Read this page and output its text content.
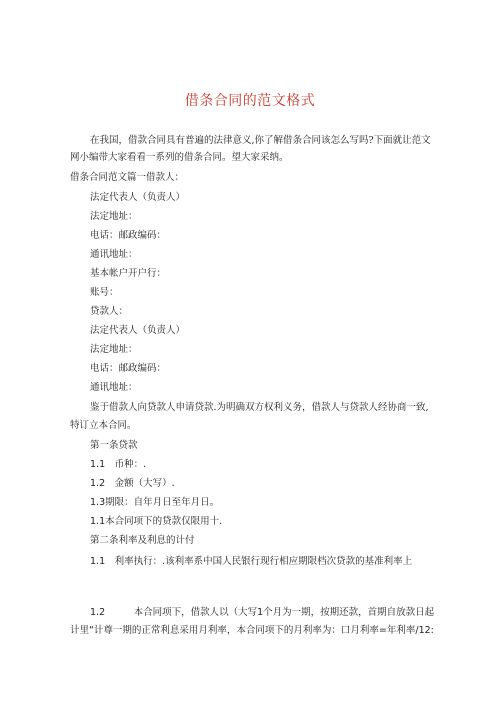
借条合同的范文格式
在我国，借款合同具有普遍的法律意义,你了解借条合同该怎么写吗?下面就让范文
网小编带大家看看一系列的借条合同。望大家采纳。
借条合同范文篇一借款人：
法定代表人（负责人）
法定地址：
电话：邮政编码：
通讯地址：
基本帐户开户行：
账号：
贷款人：
法定代表人（负责人）
法定地址：
电话：邮政编码：
通讯地址：
鉴于借款人向贷款人申请贷款.为明确双方权利义务，借款人与贷款人经协商一致,
特订立本合同。
第一条贷款
1.1　币种：.
1.2　金额（大写）.
1.3期限：自年月日至年月日。
1.1本合同项下的贷款仅限用十.
第二条利率及利息的计付
1.1　利率执行：.该利率系中国人民银行现行相应期限档次贷款的基准利率上
1.2　　　本合同项下，借款人以（大写1个月为一期，按期还款，首期自放款日起
计里“计尊一期的正常利息采用月利率，本合同项下的月利率为：口月利率=年利率/12:
